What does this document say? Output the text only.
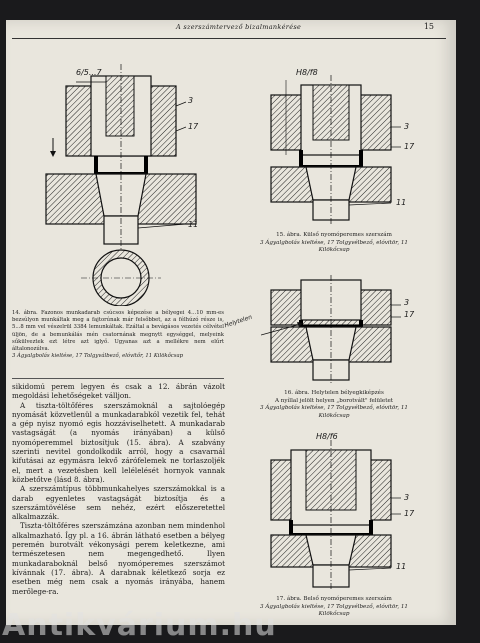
A szerszámtervező bizalmankérése	15
6/5...7
3
17
11
14. ábra. Fazonos munkadarab csúcsos képezése a bélyegei 4...10 mm-es bezsúlyon munkáltak meg a fajtorúnak már felsőbbet, az a félhúzó része is, 5...8 mm vel vészelrül 3384 lemunkáltak. Ezáltal a bevágásos vezetés célvétel üljön, de a bemunkálás mén csatornának megnytt egységgel, melyeink sűkülveztek ezt létre azt iglyő. Ugyanas azt a mellékre nem elűrt általonozúlva.
3 Ágyalgbolás kieltése, 17 Tolgyválbező, elóvitőr, 11 Kilökőcsap
H8/f8
3
17
11
15. ábra. Külső nyomóperemes szerszám
3 Ágyalgbolás kieltése, 17 Tolgyvélbező, elóvitör, 11 Kilökőcsap
Helytelen
3
17
16. ábra. Helytelen bélyegkiképzés
A nyíllal jelölt helyen „borotvált" felületet
3 Ágyalgbolás kieltése, 17 Tolgyvélbező, elóvitör, 11 Kilökőcsap
H8/f6
3
17
11
17. ábra. Belső nyomóperemes szerszám
3 Ágyalgbolás kieltése, 17 Tolgyvélbező, elóvitör, 11 Kilökőcsap

sikidomú perem legyen és csak a 12. ábrán vázolt megoldási lehetőségeket válljon.

A tiszta-töltőféres szerszámoknál a sajtolóegép nyomását közvetlenül a munkadarabkól vezetik fel, tehát a gép nyisz nyomó egis hozzáviselhetett. A munkadarab vastagságát (a nyomás irányában) a külső nyomóperemmel biztosítjuk (15. ábra). A szabvány szerinti nevitel gondolkodik arról, hogy a csavarnál kifutásai az egymásra lekvő zárófelemek ne torlaszoljék el, mert a vezetésben kell lelélelését hornyok vannak közbetőtve (lásd 8. ábra).

A szerszámtípus többmunkahelyes szerszámokkal is a darab egyenletes vastagságát biztosítja és a szerszámtövélése sem nehéz, ezért előszeretettel alkalmazzák.

Tiszta-töltőféres szerszámzána azonban nem mindenhol alkalmazható. Így pl. a 16. ábrán látható esetben a bélyeg peremén burotvált vékonysági perem keletkezne, ami természetesen nem megengedhető. Ilyen munkadaraboknál belső nyomóperemes szerszámot kívánnak (17. ábra). A darabnak kéletkező sorja ez esetben még nem csak a nyomás irányába, hanem merőlege-ra.

Antikvárium.hu
